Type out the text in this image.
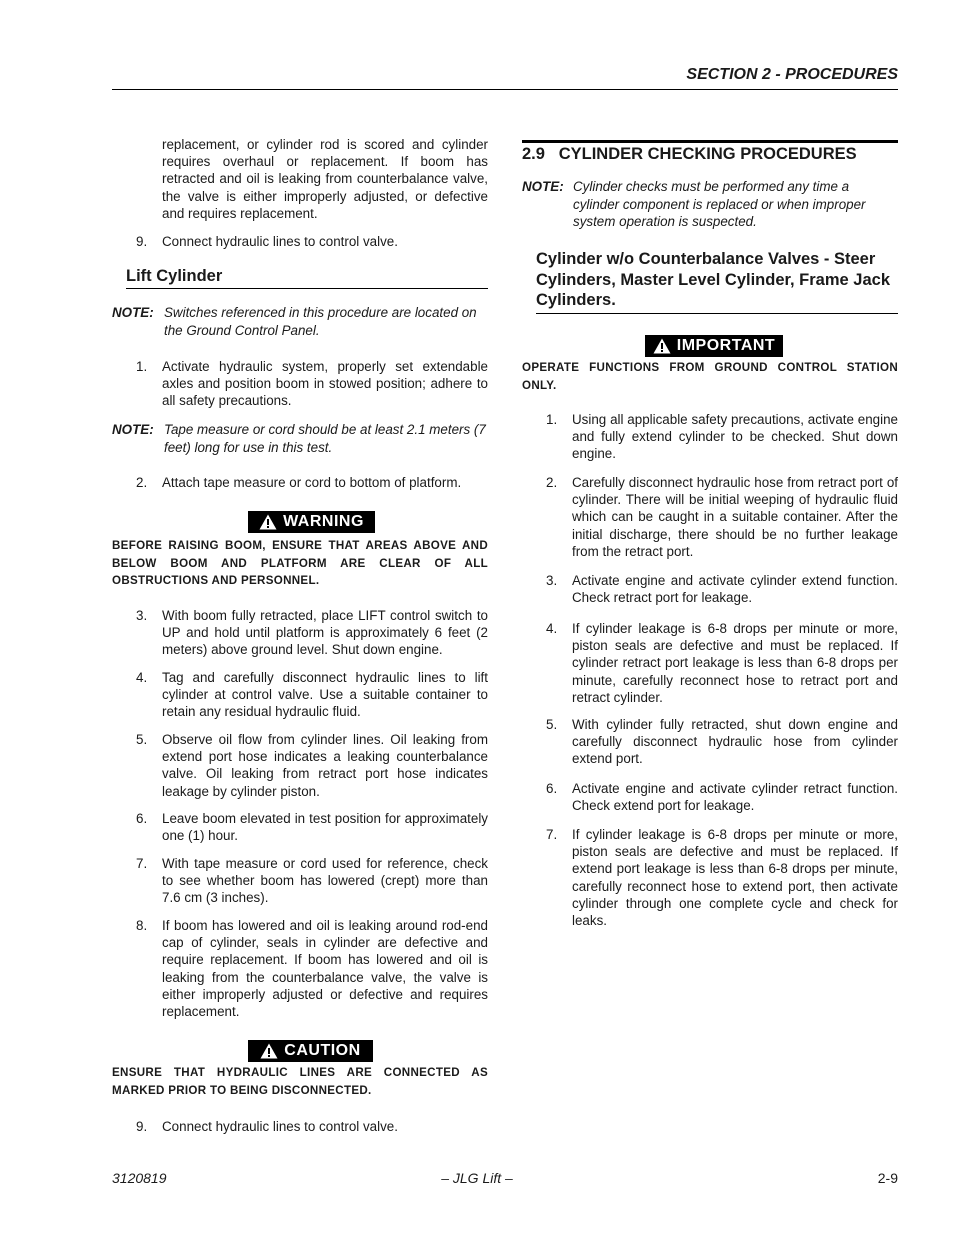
SECTION 2 - PROCEDURES

replacement, or cylinder rod is scored and cylinder requires overhaul or replacement. If boom has retracted and oil is leaking from counterbalance valve, the valve is either improperly adjusted, or defective and requires replacement.

9. Connect hydraulic lines to control valve.
Lift Cylinder
NOTE: Switches referenced in this procedure are located on the Ground Control Panel.
1. Activate hydraulic system, properly set extendable axles and position boom in stowed position; adhere to all safety precautions.
NOTE: Tape measure or cord should be at least 2.1 meters (7 feet) long for use in this test.
2. Attach tape measure or cord to bottom of platform.
WARNING
BEFORE RAISING BOOM, ENSURE THAT AREAS ABOVE AND BELOW BOOM AND PLATFORM ARE CLEAR OF ALL OBSTRUCTIONS AND PERSONNEL.
3. With boom fully retracted, place LIFT control switch to UP and hold until platform is approximately 6 feet (2 meters) above ground level. Shut down engine.
4. Tag and carefully disconnect hydraulic lines to lift cylinder at control valve. Use a suitable container to retain any residual hydraulic fluid.
5. Observe oil flow from cylinder lines. Oil leaking from extend port hose indicates a leaking counterbalance valve. Oil leaking from retract port hose indicates leakage by cylinder piston.
6. Leave boom elevated in test position for approximately one (1) hour.
7. With tape measure or cord used for reference, check to see whether boom has lowered (crept) more than 7.6 cm (3 inches).
8. If boom has lowered and oil is leaking around rod-end cap of cylinder, seals in cylinder are defective and require replacement. If boom has lowered and oil is leaking from the counterbalance valve, the valve is either improperly adjusted or defective and requires replacement.
CAUTION
ENSURE THAT HYDRAULIC LINES ARE CONNECTED AS MARKED PRIOR TO BEING DISCONNECTED.
9. Connect hydraulic lines to control valve.
2.9   CYLINDER CHECKING PROCEDURES
NOTE: Cylinder checks must be performed any time a cylinder component is replaced or when improper system operation is suspected.
Cylinder w/o Counterbalance Valves - Steer Cylinders, Master Level Cylinder, Frame Jack Cylinders.
IMPORTANT
OPERATE FUNCTIONS FROM GROUND CONTROL STATION ONLY.
1. Using all applicable safety precautions, activate engine and fully extend cylinder to be checked. Shut down engine.
2. Carefully disconnect hydraulic hose from retract port of cylinder. There will be initial weeping of hydraulic fluid which can be caught in a suitable container. After the initial discharge, there should be no further leakage from the retract port.
3. Activate engine and activate cylinder extend function. Check retract port for leakage.
4. If cylinder leakage is 6-8 drops per minute or more, piston seals are defective and must be replaced. If cylinder retract port leakage is less than 6-8 drops per minute, carefully reconnect hose to retract port and retract cylinder.
5. With cylinder fully retracted, shut down engine and carefully disconnect hydraulic hose from cylinder extend port.
6. Activate engine and activate cylinder retract function. Check extend port for leakage.
7. If cylinder leakage is 6-8 drops per minute or more, piston seals are defective and must be replaced. If extend port leakage is less than 6-8 drops per minute, carefully reconnect hose to extend port, then activate cylinder through one complete cycle and check for leaks.
3120819	– JLG Lift –	2-9
